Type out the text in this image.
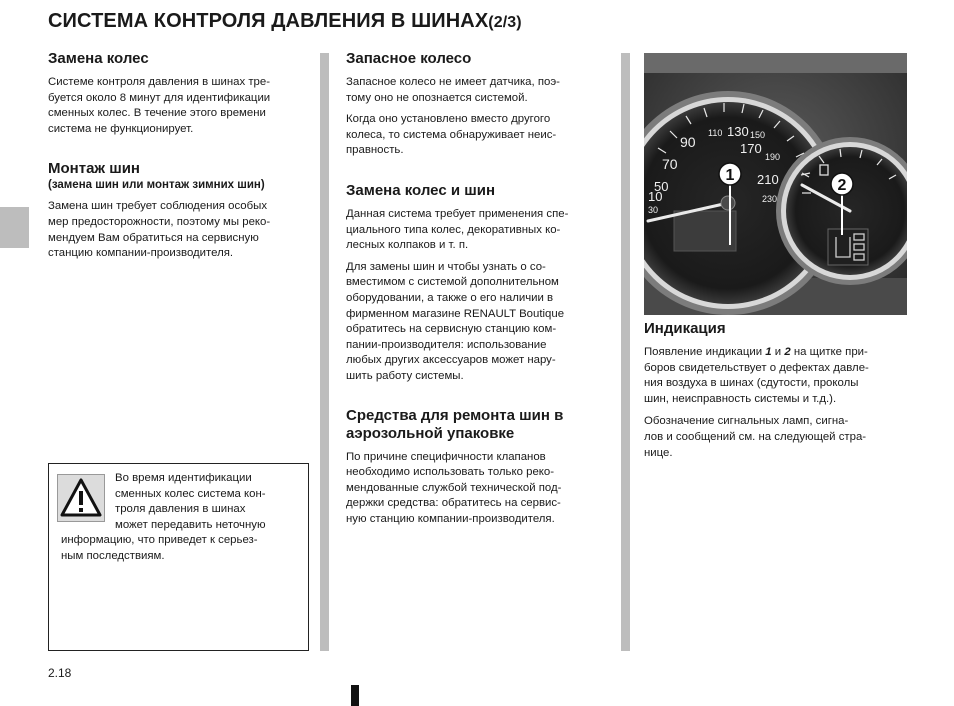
СИСТЕМА КОНТРОЛЯ ДАВЛЕНИЯ В ШИНАХ(2/3)
Замена колес

Системе контроля давления в шинах тре-

буется около 8 минут для идентификации

сменных колес. В течение этого времени

система не функционирует.

Монтаж шин

(замена шин или монтаж зимних шин)

Замена шин требует соблюдения особых

мер предосторожности, поэтому мы реко-

мендуем Вам обратиться на сервисную

станцию компании-производителя.

Во время идентификации

сменных колес система кон-

троля давления в шинах

может передавить неточную

информацию, что приведет к серьез-

ным последствиям.

Запасное колесо

Запасное колесо не имеет датчика, поэ-

тому оно не опознается системой.

Когда оно установлено вместо другого

колеса, то система обнаруживает неис-

правность.

Замена колес и шин

Данная система требует применения спе-

циального типа колес, декоративных ко-

лесных колпаков и т. п.

Для замены шин и чтобы узнать о со-

вместимом с системой дополнительном

оборудовании, а также о его наличии в

фирменном магазине RENAULT Boutique

обратитесь на сервисную станцию ком-

пании-производителя: использование

любых других аксессуаров может нару-

шить работу системы.

Средства для ремонта шин в
аэрозольной упаковке

По причине специфичности клапанов

необходимо использовать только реко-

мендованные службой технической под-

держки средства: обратитесь на сервис-

ную станцию компании-производителя.

110 130 150
90	170
70	190
50	210
30
230
10
1
2
Индикация

Появление индикации 1 и 2 на щитке при-

боров свидетельствует о дефектах давле-

ния воздуха в шинах (сдутости, проколы

шин, неисправность системы и т.д.).

Обозначение сигнальных ламп, сигна-

лов и сообщений см. на следующей стра-

нице.

2.18
